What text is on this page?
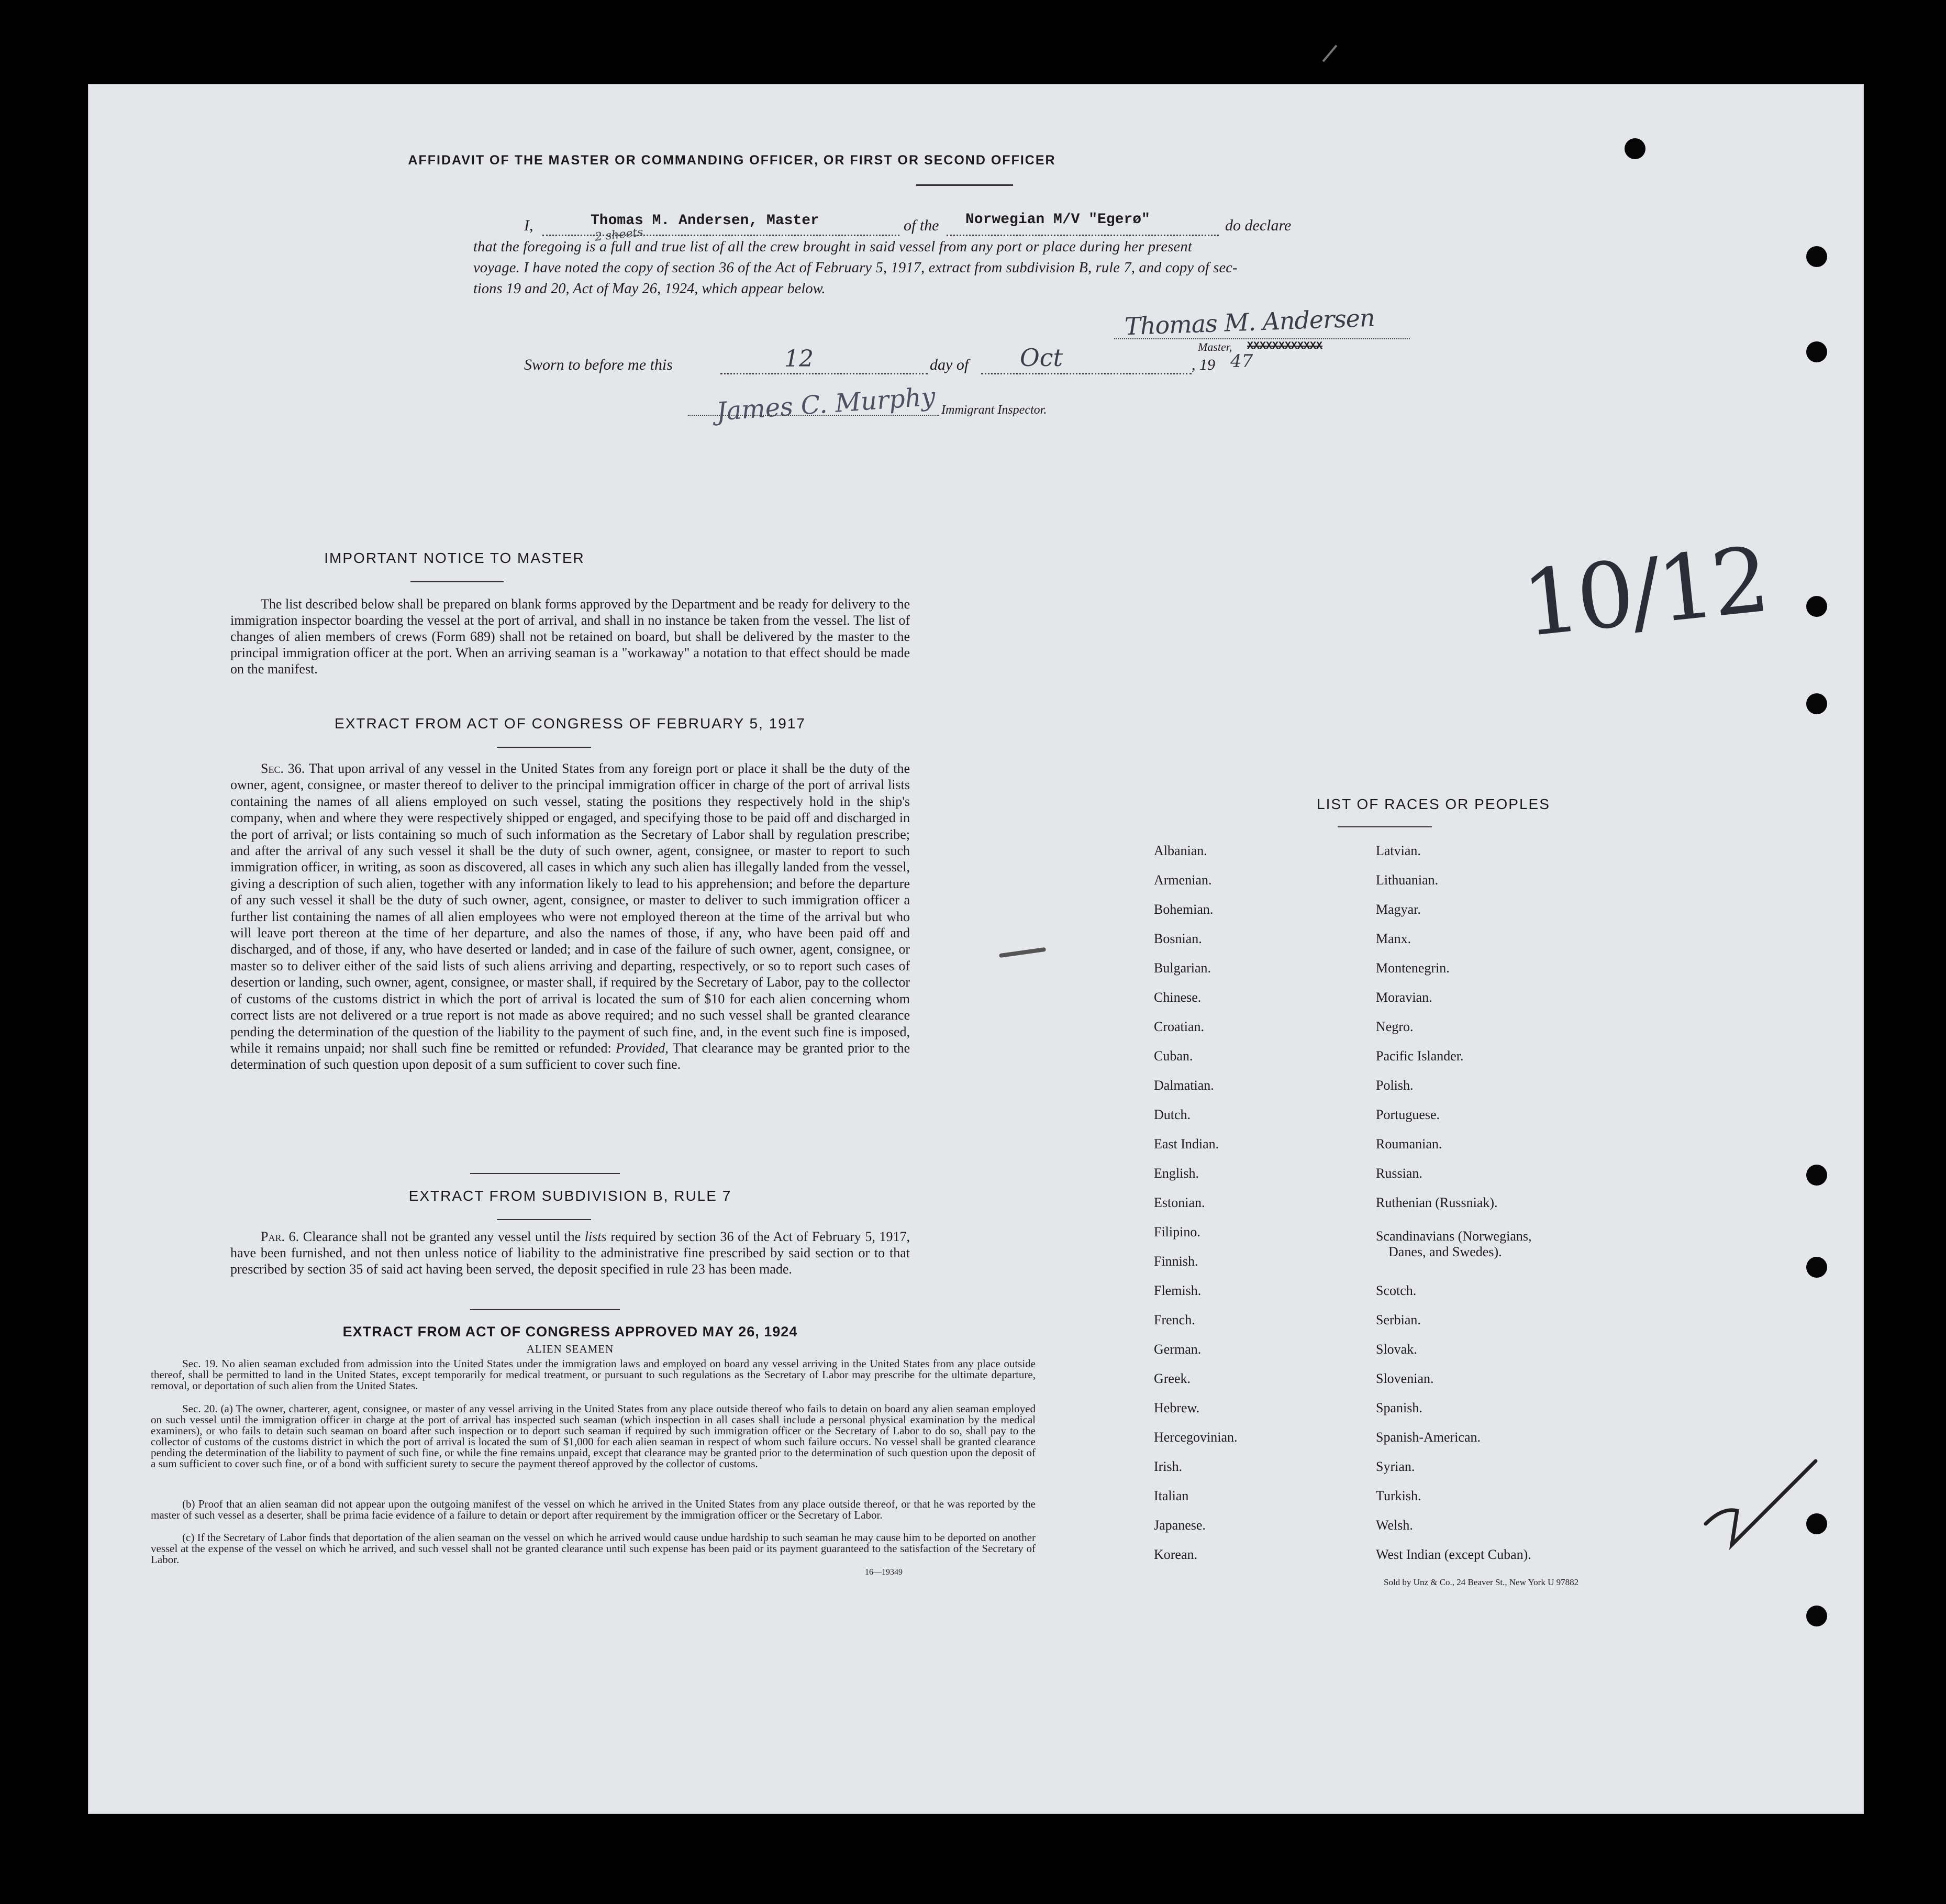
AFFIDAVIT OF THE MASTER OR COMMANDING OFFICER, OR FIRST OR SECOND OFFICER
I,	Thomas M. Andersen, Master	of the Norwegian M/V "Egerø"	do declare
2 sheets
that the foregoing is a full and true list of all the crew brought in said vessel from any port or place during her present
voyage. I have noted the copy of section 36 of the Act of February 5, 1917, extract from subdivision B, rule 7, and copy of sec-
tions 19 and 20, Act of May 26, 1924, which appear below.
Thomas M. Andersen
Master, XXXXXXXXXXXX
Sworn to before me this	12	day of Oct	, 19 47
James C. Murphy Immigrant Inspector.
IMPORTANT NOTICE TO MASTER
The list described below shall be prepared on blank forms approved by the Department and be ready for delivery to the immigration inspector boarding the vessel at the port of arrival, and shall in no instance be taken from the vessel. The list of changes of alien members of crews (Form 689) shall not be retained on board, but shall be delivered by the master to the principal immigration officer at the port. When an arriving seaman is a "workaway" a notation to that effect should be made on the manifest.
EXTRACT FROM ACT OF CONGRESS OF FEBRUARY 5, 1917
Sec. 36. That upon arrival of any vessel in the United States from any foreign port or place it shall be the duty of the owner, agent, consignee, or master thereof to deliver to the principal immigration officer in charge of the port of arrival lists containing the names of all aliens employed on such vessel, stating the positions they respectively hold in the ship's company, when and where they were respectively shipped or engaged, and specifying those to be paid off and discharged in the port of arrival; or lists containing so much of such information as the Secretary of Labor shall by regulation prescribe; and after the arrival of any such vessel it shall be the duty of such owner, agent, consignee, or master to report to such immigration officer, in writing, as soon as discovered, all cases in which any such alien has illegally landed from the vessel, giving a description of such alien, together with any information likely to lead to his apprehension; and before the departure of any such vessel it shall be the duty of such owner, agent, consignee, or master to deliver to such immigration officer a further list containing the names of all alien employees who were not employed thereon at the time of the arrival but who will leave port thereon at the time of her departure, and also the names of those, if any, who have been paid off and discharged, and of those, if any, who have deserted or landed; and in case of the failure of such owner, agent, consignee, or master so to deliver either of the said lists of such aliens arriving and departing, respectively, or so to report such cases of desertion or landing, such owner, agent, consignee, or master shall, if required by the Secretary of Labor, pay to the collector of customs of the customs district in which the port of arrival is located the sum of $10 for each alien concerning whom correct lists are not delivered or a true report is not made as above required; and no such vessel shall be granted clearance pending the determination of the question of the liability to the payment of such fine, and, in the event such fine is imposed, while it remains unpaid; nor shall such fine be remitted or refunded: Provided, That clearance may be granted prior to the determination of such question upon deposit of a sum sufficient to cover such fine.
EXTRACT FROM SUBDIVISION B, RULE 7
Par. 6. Clearance shall not be granted any vessel until the lists required by section 36 of the Act of February 5, 1917, have been furnished, and not then unless notice of liability to the administrative fine prescribed by said section or to that prescribed by section 35 of said act having been served, the deposit specified in rule 23 has been made.
EXTRACT FROM ACT OF CONGRESS APPROVED MAY 26, 1924
ALIEN SEAMEN
Sec. 19. No alien seaman excluded from admission into the United States under the immigration laws and employed on board any vessel arriving in the United States from any place outside thereof, shall be permitted to land in the United States, except temporarily for medical treatment, or pursuant to such regulations as the Secretary of Labor may prescribe for the ultimate departure, removal, or deportation of such alien from the United States.
Sec. 20. (a) The owner, charterer, agent, consignee, or master of any vessel arriving in the United States from any place outside thereof who fails to detain on board any alien seaman employed on such vessel until the immigration officer in charge at the port of arrival has inspected such seaman (which inspection in all cases shall include a personal physical examination by the medical examiners), or who fails to detain such seaman on board after such inspection or to deport such seaman if required by such immigration officer or the Secretary of Labor to do so, shall pay to the collector of customs of the customs district in which the port of arrival is located the sum of $1,000 for each alien seaman in respect of whom such failure occurs. No vessel shall be granted clearance pending the determination of the liability to payment of such fine, or while the fine remains unpaid, except that clearance may be granted prior to the determination of such question upon the deposit of a sum sufficient to cover such fine, or of a bond with sufficient surety to secure the payment thereof approved by the collector of customs.
(b) Proof that an alien seaman did not appear upon the outgoing manifest of the vessel on which he arrived in the United States from any place outside thereof, or that he was reported by the master of such vessel as a deserter, shall be prima facie evidence of a failure to detain or deport after requirement by the immigration officer or the Secretary of Labor.
(c) If the Secretary of Labor finds that deportation of the alien seaman on the vessel on which he arrived would cause undue hardship to such seaman he may cause him to be deported on another vessel at the expense of the vessel on which he arrived, and such vessel shall not be granted clearance until such expense has been paid or its payment guaranteed to the satisfaction of the Secretary of Labor.
16—19349
10/12
LIST OF RACES OR PEOPLES
Albanian.
Armenian.
Bohemian.
Bosnian.
Bulgarian.
Chinese.
Croatian.
Cuban.
Dalmatian.
Dutch.
East Indian.
English.
Estonian.
Filipino.
Finnish.
Flemish.
French.
German.
Greek.
Hebrew.
Hercegovinian.
Irish.
Italian
Japanese.
Korean.
Latvian.
Lithuanian.
Magyar.
Manx.
Montenegrin.
Moravian.
Negro.
Pacific Islander.
Polish.
Portuguese.
Roumanian.
Russian.
Ruthenian (Russniak).
Scandinavians (Norwegians,
Danes, and Swedes).
Scotch.
Serbian.
Slovak.
Slovenian.
Spanish.
Spanish-American.
Syrian.
Turkish.
Welsh.
West Indian (except Cuban).
Sold by Unz & Co., 24 Beaver St., New York U 97882
